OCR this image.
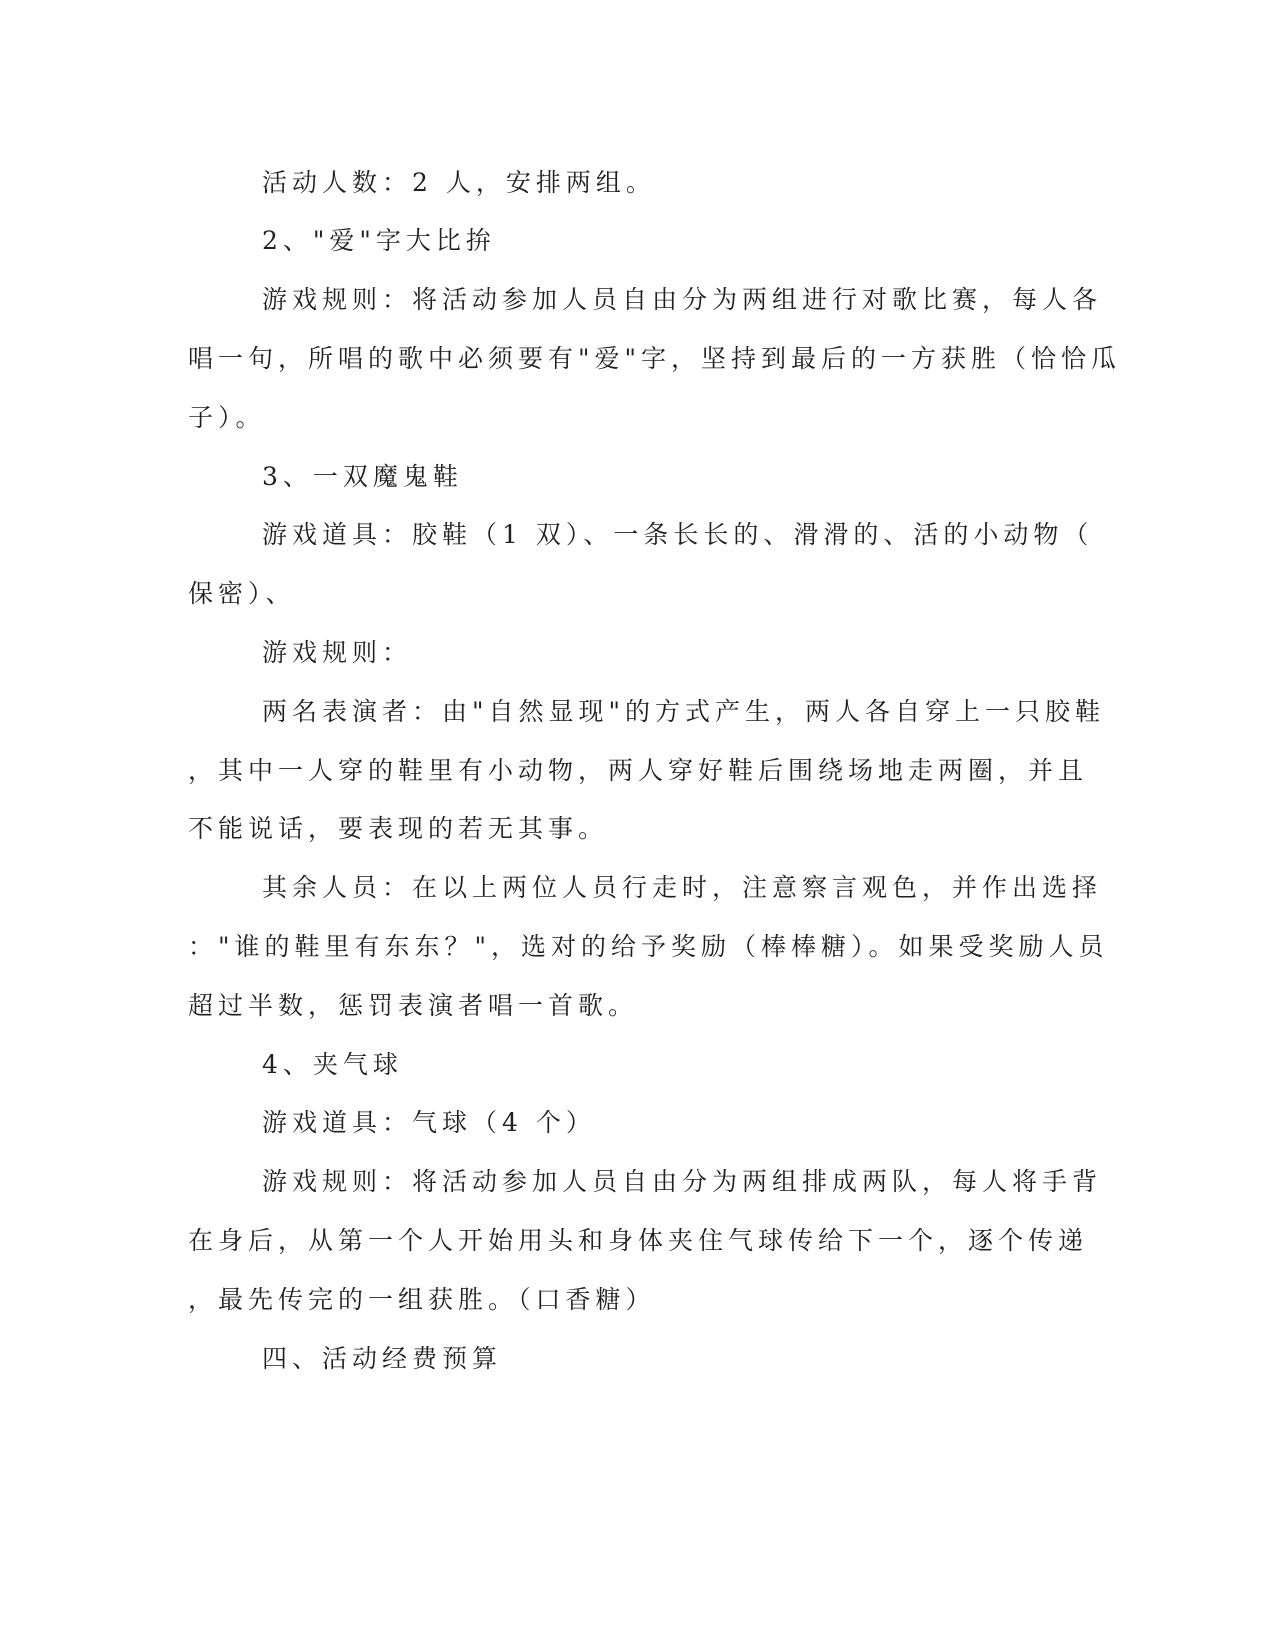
活动人数：2 人，安排两组。

2、"爱"字大比拚

游戏规则：将活动参加人员自由分为两组进行对歌比赛，每人各

唱一句，所唱的歌中必须要有"爱"字，坚持到最后的一方获胜（恰恰瓜

子）。

3、一双魔鬼鞋

游戏道具：胶鞋（1 双）、一条长长的、滑滑的、活的小动物（

保密）、

游戏规则：

两名表演者：由"自然显现"的方式产生，两人各自穿上一只胶鞋

，其中一人穿的鞋里有小动物，两人穿好鞋后围绕场地走两圈，并且

不能说话，要表现的若无其事。

其余人员：在以上两位人员行走时，注意察言观色，并作出选择

："谁的鞋里有东东？"，选对的给予奖励（棒棒糖）。如果受奖励人员

超过半数，惩罚表演者唱一首歌。

4、夹气球

游戏道具：气球（4 个）

游戏规则：将活动参加人员自由分为两组排成两队，每人将手背

在身后，从第一个人开始用头和身体夹住气球传给下一个，逐个传递

，最先传完的一组获胜。（口香糖）

四、活动经费预算
